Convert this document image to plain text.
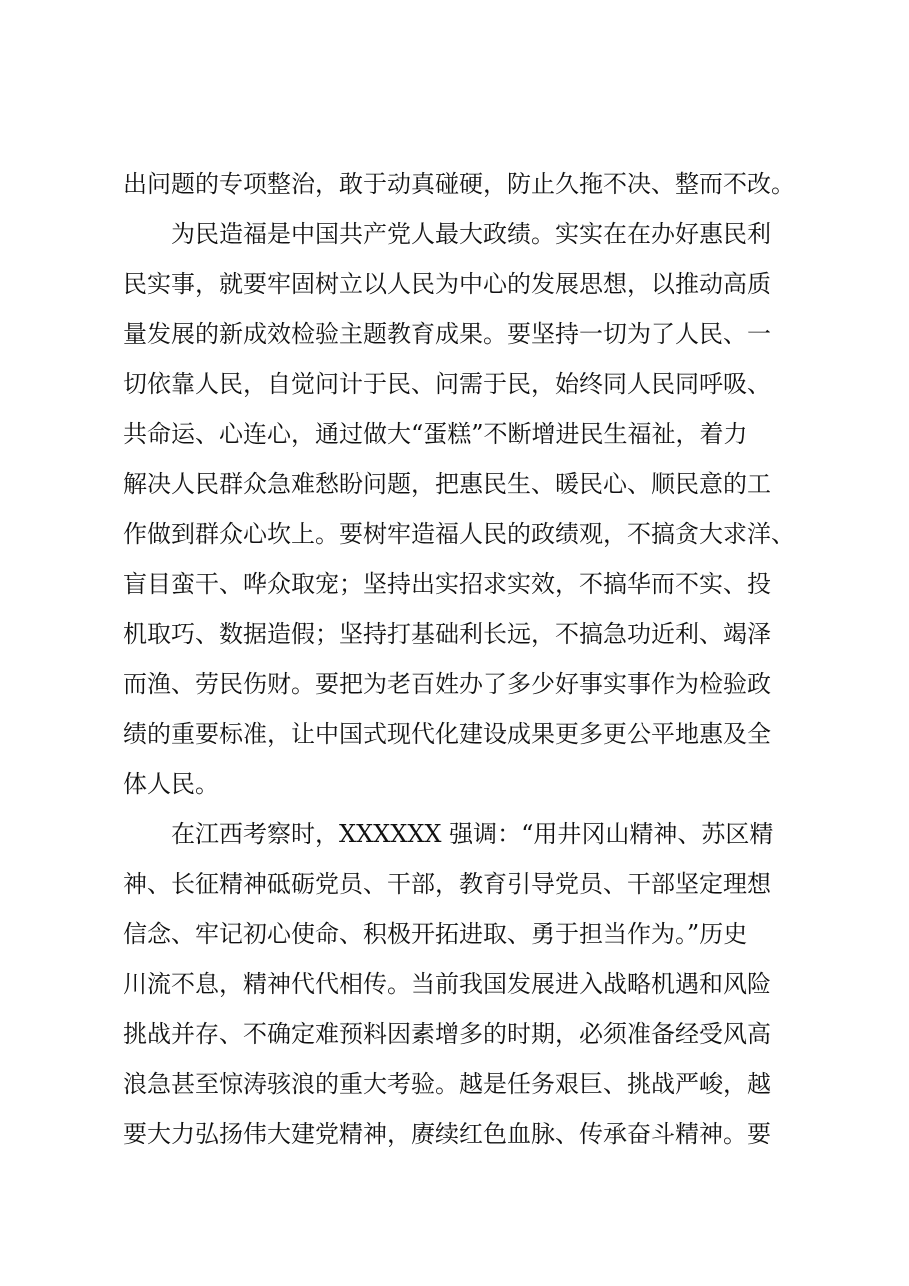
出问题的专项整治，敢于动真碰硬，防止久拖不决、整而不改。
为民造福是中国共产党人最大政绩。实实在在办好惠民利
民实事，就要牢固树立以人民为中心的发展思想，以推动高质
量发展的新成效检验主题教育成果。要坚持一切为了人民、一
切依靠人民，自觉问计于民、问需于民，始终同人民同呼吸、
共命运、心连心，通过做大“蛋糕”不断增进民生福祉，着力
解决人民群众急难愁盼问题，把惠民生、暖民心、顺民意的工
作做到群众心坎上。要树牢造福人民的政绩观，不搞贪大求洋、
盲目蛮干、哗众取宠；坚持出实招求实效，不搞华而不实、投
机取巧、数据造假；坚持打基础利长远，不搞急功近利、竭泽
而渔、劳民伤财。要把为老百姓办了多少好事实事作为检验政
绩的重要标准，让中国式现代化建设成果更多更公平地惠及全
体人民。
在江西考察时，XXXXXX 强调：“用井冈山精神、苏区精
神、长征精神砥砺党员、干部，教育引导党员、干部坚定理想
信念、牢记初心使命、积极开拓进取、勇于担当作为。”历史
川流不息，精神代代相传。当前我国发展进入战略机遇和风险
挑战并存、不确定难预料因素增多的时期，必须准备经受风高
浪急甚至惊涛骇浪的重大考验。越是任务艰巨、挑战严峻，越
要大力弘扬伟大建党精神，赓续红色血脉、传承奋斗精神。要
